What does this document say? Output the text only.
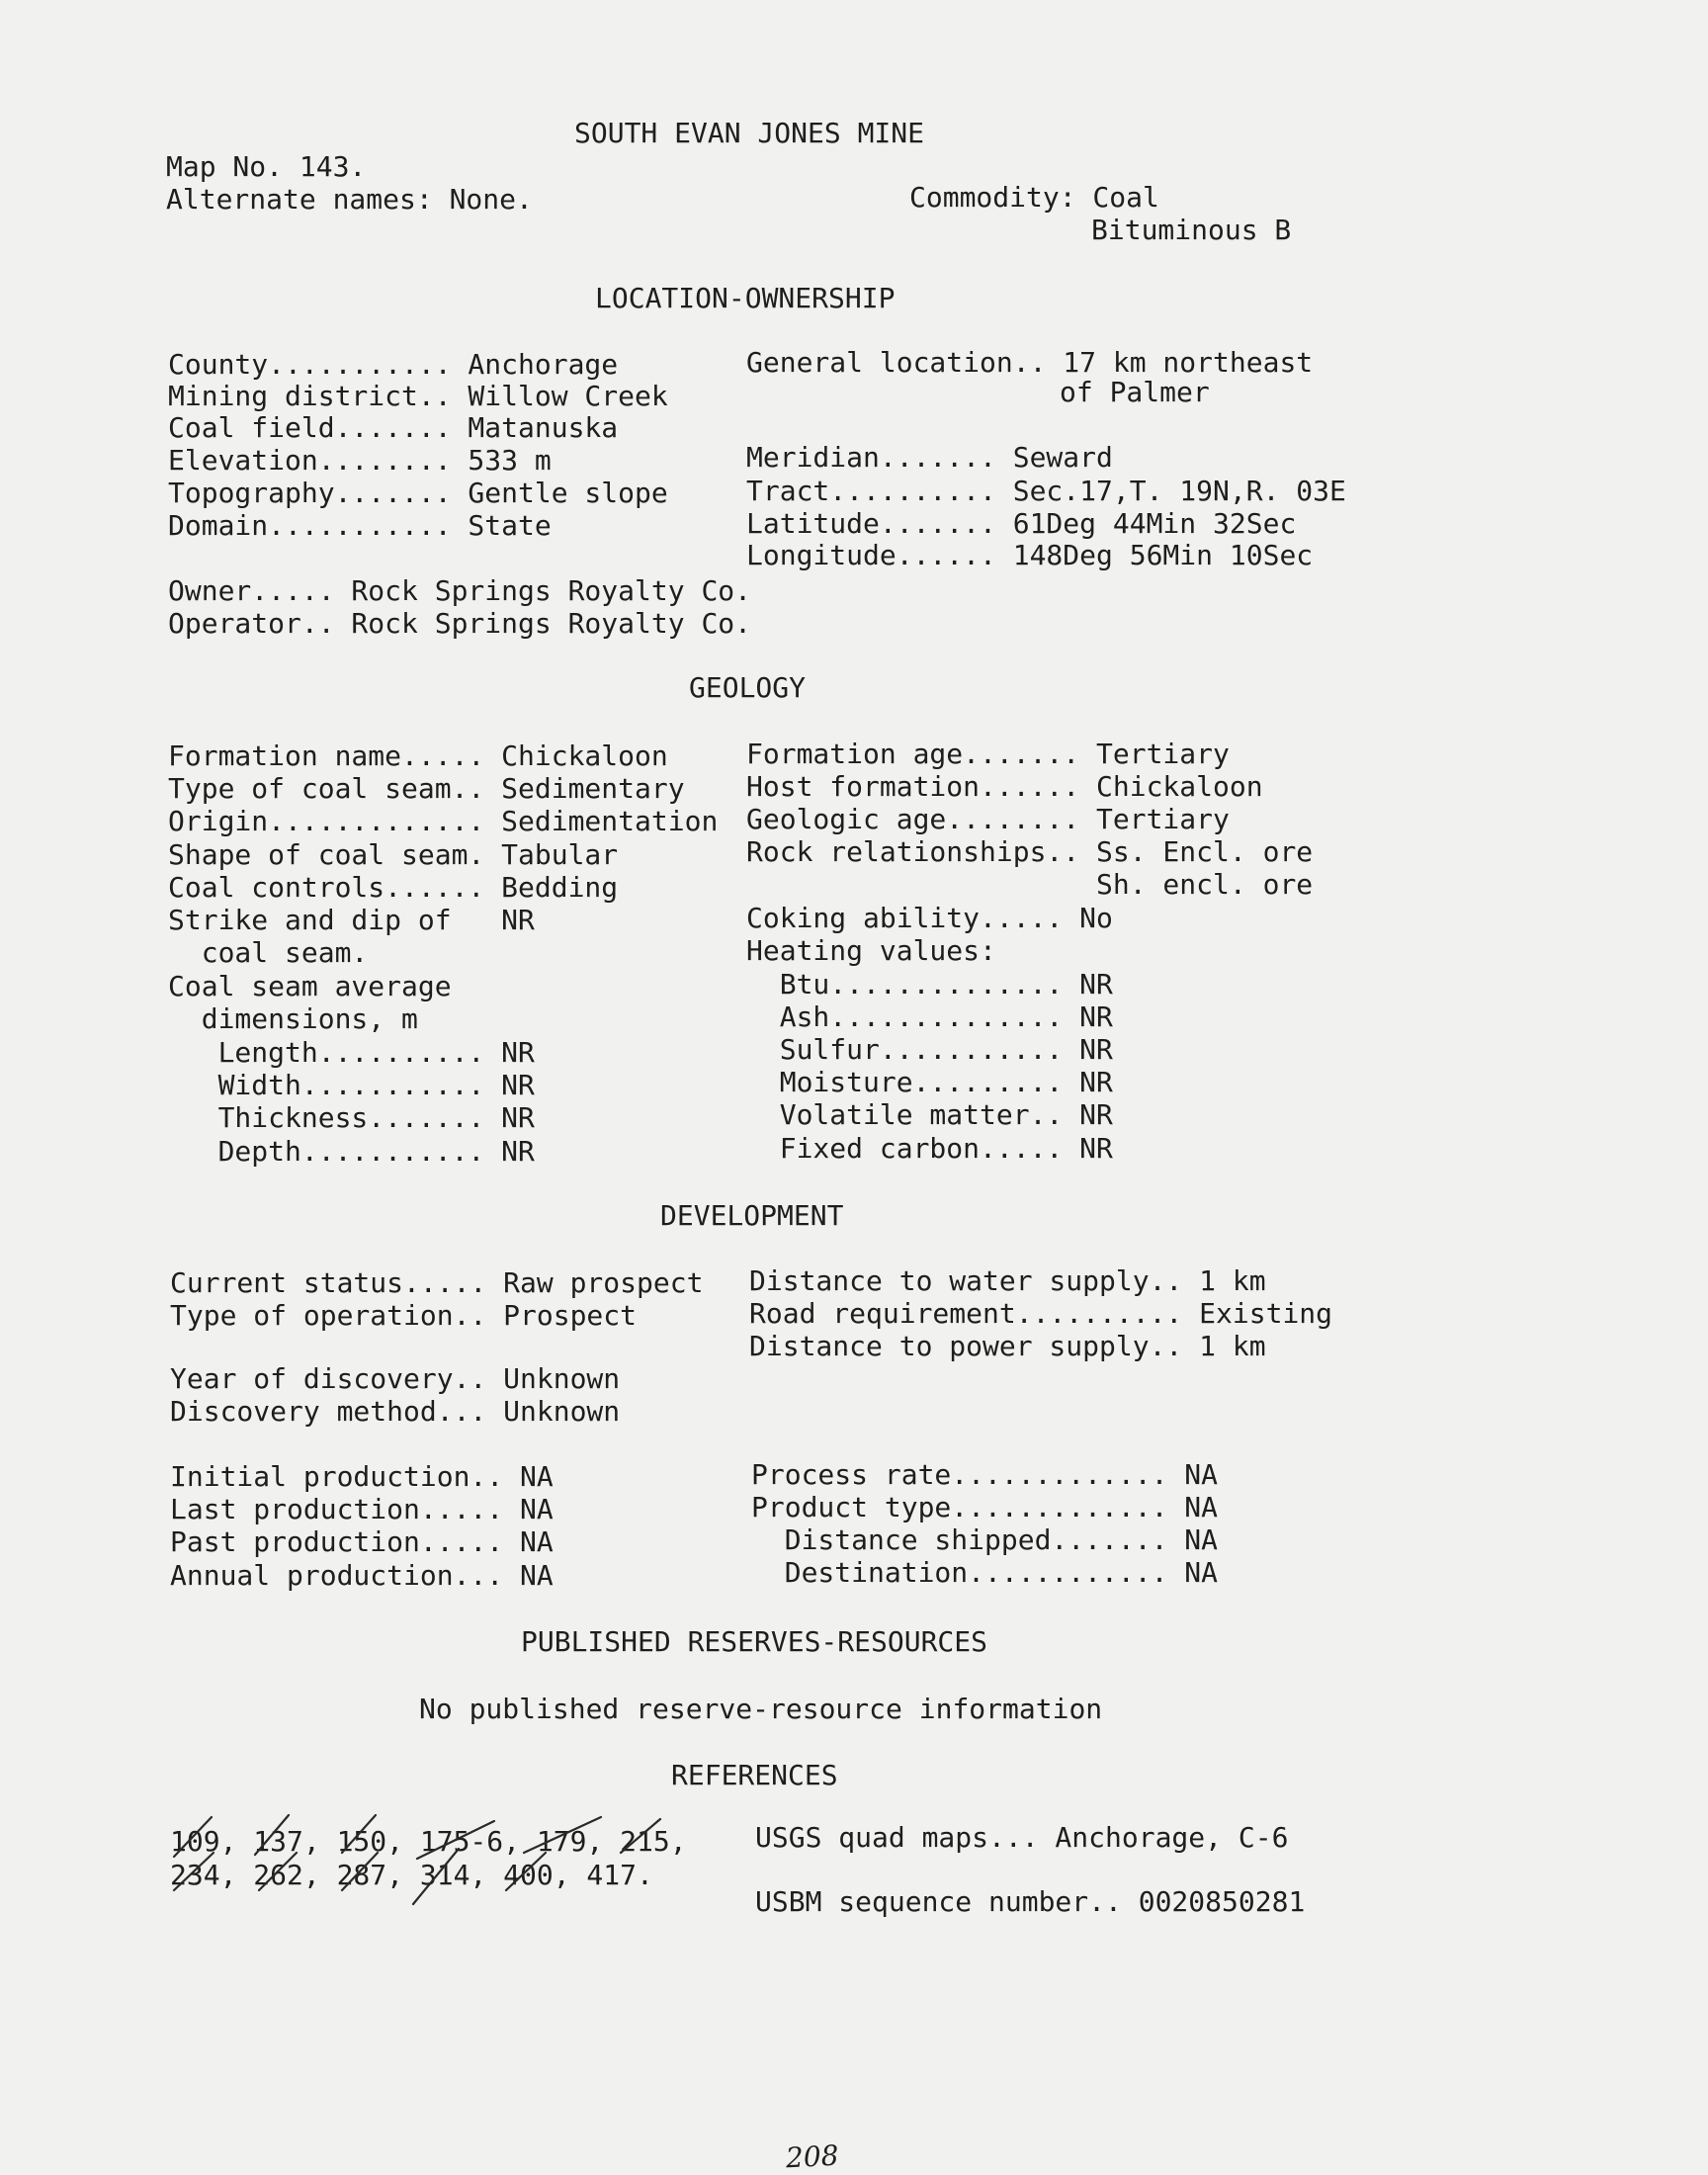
SOUTH EVAN JONES MINE
Map No. 143.
Alternate names: None.	Commodity: Coal
Bituminous B
LOCATION-OWNERSHIP
County........... Anchorage
Mining district.. Willow Creek
Coal field....... Matanuska
Elevation........ 533 m
Topography....... Gentle slope
Domain........... State
General location.. 17 km northeast
of Palmer
Meridian....... Seward
Tract.......... Sec.17,T. 19N,R. 03E
Latitude....... 61Deg 44Min 32Sec
Longitude...... 148Deg 56Min 10Sec
Owner..... Rock Springs Royalty Co.
Operator.. Rock Springs Royalty Co.
GEOLOGY
Formation name..... Chickaloon
Type of coal seam.. Sedimentary
Origin............. Sedimentation
Shape of coal seam. Tabular
Coal controls...... Bedding
Strike and dip of   NR
coal seam.
Coal seam average
dimensions, m
Length.......... NR
Width........... NR
Thickness....... NR
Depth........... NR
Formation age....... Tertiary
Host formation...... Chickaloon
Geologic age........ Tertiary
Rock relationships.. Ss. Encl. ore
Sh. encl. ore
Coking ability..... No
Heating values:
Btu.............. NR
Ash.............. NR
Sulfur........... NR
Moisture......... NR
Volatile matter.. NR
Fixed carbon..... NR
DEVELOPMENT
Current status..... Raw prospect
Type of operation.. Prospect
Year of discovery.. Unknown
Discovery method... Unknown
Distance to water supply.. 1 km
Road requirement.......... Existing
Distance to power supply.. 1 km
Initial production.. NA
Last production..... NA
Past production..... NA
Annual production... NA
Process rate............. NA
Product type............. NA
Distance shipped....... NA
Destination............ NA
PUBLISHED RESERVES-RESOURCES
No published reserve-resource information
REFERENCES
109, 137, 150, 175-6, 179, 215,
234, 262, 287, 314, 400, 417.
USGS quad maps... Anchorage, C-6
USBM sequence number.. 0020850281
208
